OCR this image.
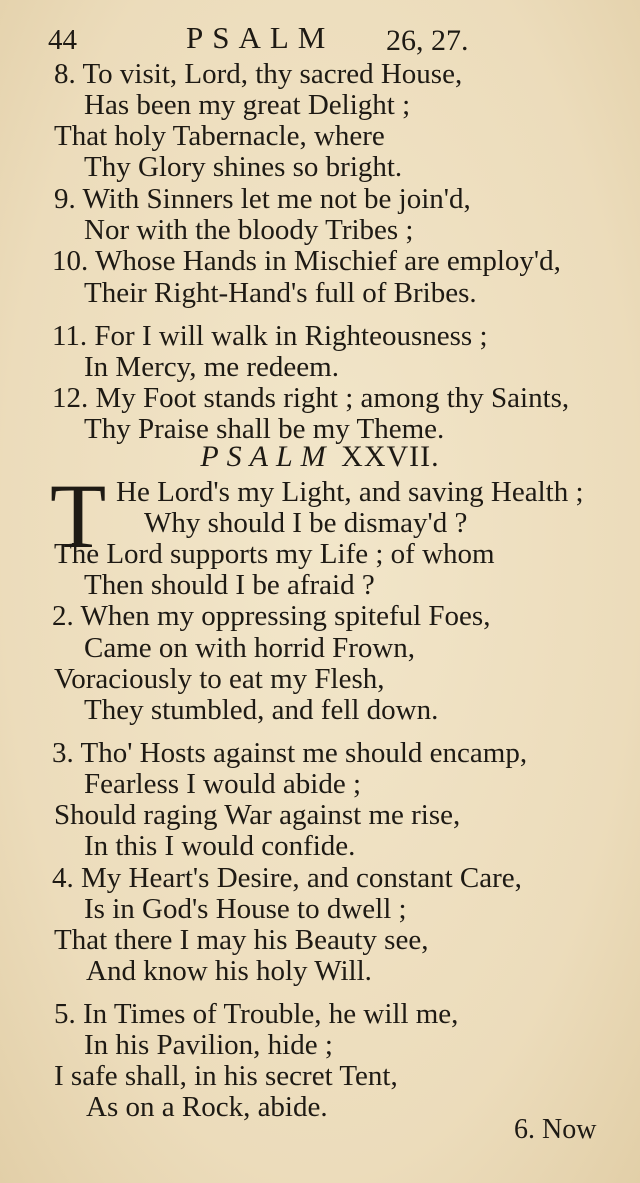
44	PSALM 26, 27.
8. To visit, Lord, thy sacred House,
Has been my great Delight ;
That holy Tabernacle, where
Thy Glory shines so bright.
9. With Sinners let me not be join'd,
Nor with the bloody Tribes ;
10. Whose Hands in Mischief are employ'd,
Their Right-Hand's full of Bribes.
11. For I will walk in Righteousness ;
In Mercy, me redeem.
12. My Foot stands right ; among thy Saints,
Thy Praise shall be my Theme.
PSALM XXVII.
T He Lord's my Light, and saving Health ;
Why should I be dismay'd ?
The Lord supports my Life ; of whom
Then should I be afraid ?
2. When my oppressing spiteful Foes,
Came on with horrid Frown,
Voraciously to eat my Flesh,
They stumbled, and fell down.
3. Tho' Hosts against me should encamp,
Fearless I would abide ;
Should raging War against me rise,
In this I would confide.
4. My Heart's Desire, and constant Care,
Is in God's House to dwell ;
That there I may his Beauty see,
And know his holy Will.
5. In Times of Trouble, he will me,
In his Pavilion, hide ;
I safe shall, in his secret Tent,
As on a Rock, abide.
6. Now
